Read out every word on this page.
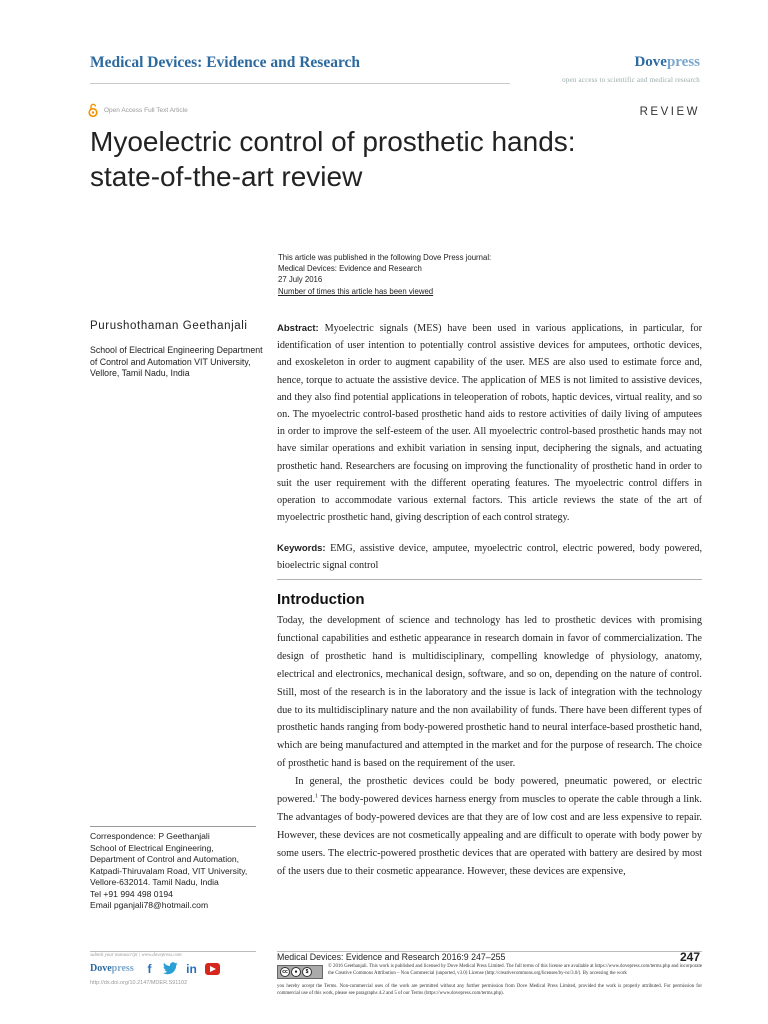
Medical Devices: Evidence and Research	Dovepress
open access to scientific and medical research
Open Access Full Text Article	REVIEW
Myoelectric control of prosthetic hands:
state-of-the-art review
This article was published in the following Dove Press journal:
Medical Devices: Evidence and Research
27 July 2016
Number of times this article has been viewed
Purushothaman Geethanjali
School of Electrical Engineering Department of Control and Automation VIT University, Vellore, Tamil Nadu, India
Abstract: Myoelectric signals (MES) have been used in various applications, in particular, for identification of user intention to potentially control assistive devices for amputees, orthotic devices, and exoskeleton in order to augment capability of the user. MES are also used to estimate force and, hence, torque to actuate the assistive device. The application of MES is not limited to assistive devices, and they also find potential applications in teleoperation of robots, haptic devices, virtual reality, and so on. The myoelectric control-based prosthetic hand aids to restore activities of daily living of amputees in order to improve the self-esteem of the user. All myoelectric control-based prosthetic hands may not have similar operations and exhibit variation in sensing input, deciphering the signals, and actuating prosthetic hand. Researchers are focusing on improving the functionality of prosthetic hand in order to suit the user requirement with the different operating features. The myoelectric control differs in operation to accommodate various external factors. This article reviews the state of the art of myoelectric prosthetic hand, giving description of each control strategy.
Keywords: EMG, assistive device, amputee, myoelectric control, electric powered, body powered, bioelectric signal control
Introduction

Today, the development of science and technology has led to prosthetic devices with promising functional capabilities and esthetic appearance in research domain in favor of commercialization. The design of prosthetic hand is multidisciplinary, compelling knowledge of physiology, anatomy, electrical and electronics, mechanical design, software, and so on, depending on the nature of control. Still, most of the research is in the laboratory and the issue is lack of integration with the technology due to its multidisciplinary nature and the non availability of funds. There have been different types of prosthetic hands ranging from body-powered prosthetic hand to neural interface-based prosthetic hand, which are being manufactured and attempted in the market and for the purpose of research. The choice of prosthetic hand is based on the requirement of the user.

In general, the prosthetic devices could be body powered, pneumatic powered, or electric powered.$^1$ The body-powered devices harness energy from muscles to operate the cable through a link. The advantages of body-powered devices are that they are of low cost and are less expensive to repair. However, these devices are not cosmetically appealing and are difficult to operate with body power by some users. The electric-powered prosthetic devices that are operated with battery are desired by most of the users due to their cosmetic appearance. However, these devices are expensive,

Correspondence: P Geethanjali
School of Electrical Engineering,
Department of Control and Automation,
Katpadi-Thiruvalam Road, VIT University,
Vellore-632014. Tamil Nadu, India
Tel +91 994 498 0194
Email pganjali78@hotmail.com
submit your manuscript | www.dovepress.com
Dovepress	f	in
http://dx.doi.org/10.2147/MDER.S91102
Medical Devices: Evidence and Research 2016:9 247–255	247
cc	●	$
© 2016 Geethanjali. This work is published and licensed by Dove Medical Press Limited. The full terms of this license are available at https://www.dovepress.com/terms.php and incorporate the Creative Commons Attribution – Non Commercial (unported, v3.0) License (http://creativecommons.org/licenses/by-nc/3.0/). By accessing the work
you hereby accept the Terms. Non-commercial uses of the work are permitted without any further permission from Dove Medical Press Limited, provided the work is properly attributed. For permission for commercial use of this work, please see paragraphs 4.2 and 5 of our Terms (https://www.dovepress.com/terms.php).
